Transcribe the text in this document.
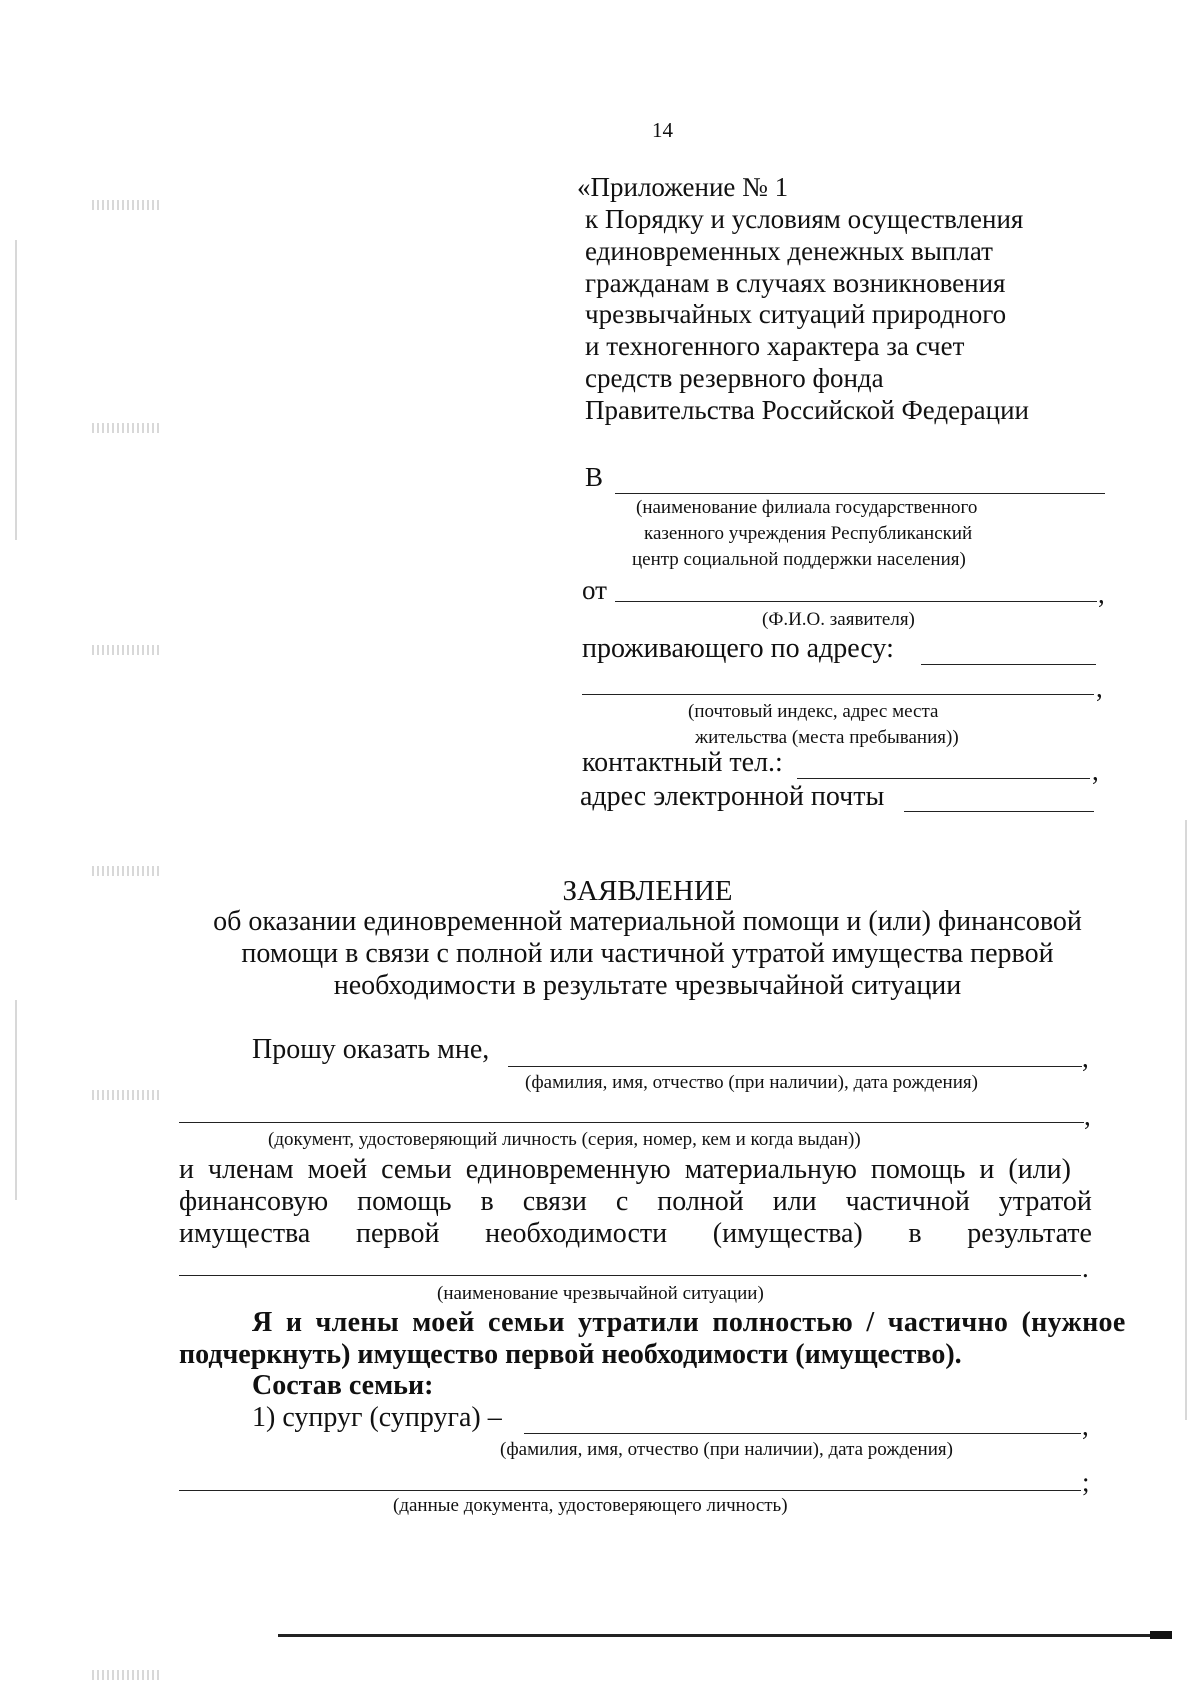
14
«Приложение № 1
к Порядку и условиям осуществления
единовременных денежных выплат
гражданам в случаях возникновения
чрезвычайных ситуаций природного
и техногенного характера за счет
средств резервного фонда
Правительства Российской Федерации
В
(наименование филиала государственного
казенного учреждения Республиканский
центр социальной поддержки населения)
от	,
(Ф.И.О. заявителя)
проживающего по адресу:
,
(почтовый индекс, адрес места
жительства (места пребывания))
контактный тел.:	,
адрес электронной почты
ЗАЯВЛЕНИЕ
об оказании единовременной материальной помощи и (или) финансовой
помощи в связи с полной или частичной утратой имущества первой
необходимости в результате чрезвычайной ситуации
Прошу оказать мне,	,
(фамилия, имя, отчество (при наличии), дата рождения)
,
(документ, удостоверяющий личность (серия, номер, кем и когда выдан))
и членам моей семьи единовременную материальную помощь и (или)
финансовую помощь в связи с полной или частичной утратой
имущества первой необходимости (имущества) в результате
.
(наименование чрезвычайной ситуации)
Я и члены моей семьи утратили полностью / частично (нужное
подчеркнуть) имущество первой необходимости (имущество).
Состав семьи:
1) супруг (супруга) –	,
(фамилия, имя, отчество (при наличии), дата рождения)
;
(данные документа, удостоверяющего личность)
